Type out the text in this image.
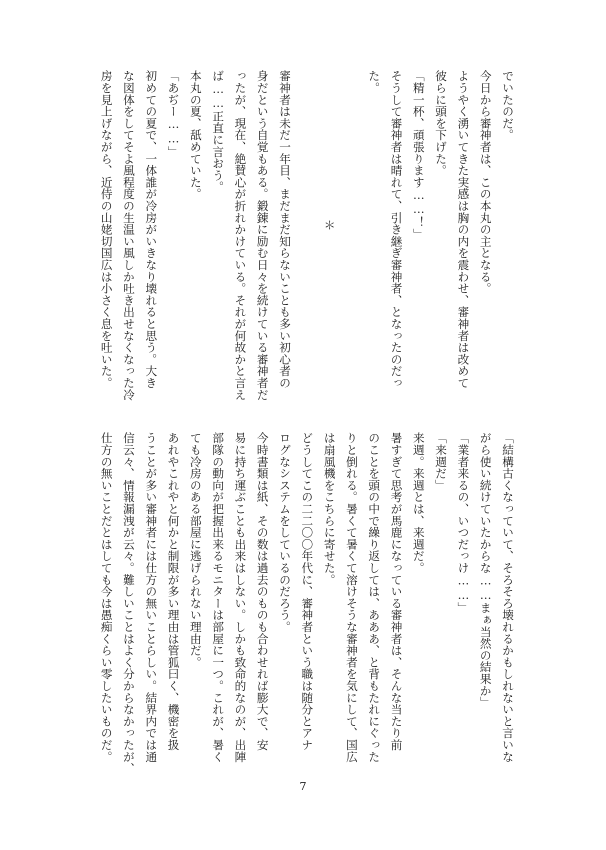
でいたのだ。
今日から審神者は、この本丸の主となる。
ようやく湧いてきた実感は胸の内を震わせ、審神者は改めて
彼らに頭を下げた。
「精一杯、頑張ります……！」
そうして審神者は晴れて、引き継ぎ審神者、となったのだっ
た。
＊
審神者は未だ一年目、まだまだ知らないことも多い初心者の
身だという自覚もある。鍛錬に励む日々を続けている審神者だ
ったが、現在、絶賛心が折れかけている。それが何故かと言え
ば……正直に言おう。
本丸の夏、舐めていた。
「あぢー……」
初めての夏で、一体誰が冷房がいきなり壊れると思う。大き
な図体をしてそよ風程度の生温い風しか吐き出せなくなった冷
房を見上げながら、近侍の山姥切国広は小さく息を吐いた。
「結構古くなっていて、そろそろ壊れるかもしれないと言いな
がら使い続けていたからな……まぁ当然の結果か」
「業者来るの、いつだっけ……」
「来週だ」
来週。来週とは、来週だ。
暑すぎて思考が馬鹿になっている審神者は、そんな当たり前
のことを頭の中で繰り返しては、あああ、と背もたれにぐった
りと倒れる。暑くて暑くて溶けそうな審神者を気にして、国広
は扇風機をこちらに寄せた。
どうしてこの二二〇〇年代に、審神者という職は随分とアナ
ログなシステムをしているのだろう。
今時書類は紙、その数は過去のものも合わせれば膨大で、安
易に持ち運ぶことも出来はしない。しかも致命的なのが、出陣
部隊の動向が把握出来るモニターは部屋に一つ。これが、暑く
ても冷房のある部屋に逃げられない理由だ。
あれやこれやと何かと制限が多い理由は管狐曰く、機密を扱
うことが多い審神者には仕方の無いことらしい。結界内では通
信云々、情報漏洩が云々。難しいことはよく分からなかったが、
仕方の無いことだとはしても今は愚痴くらい零したいものだ。
7
